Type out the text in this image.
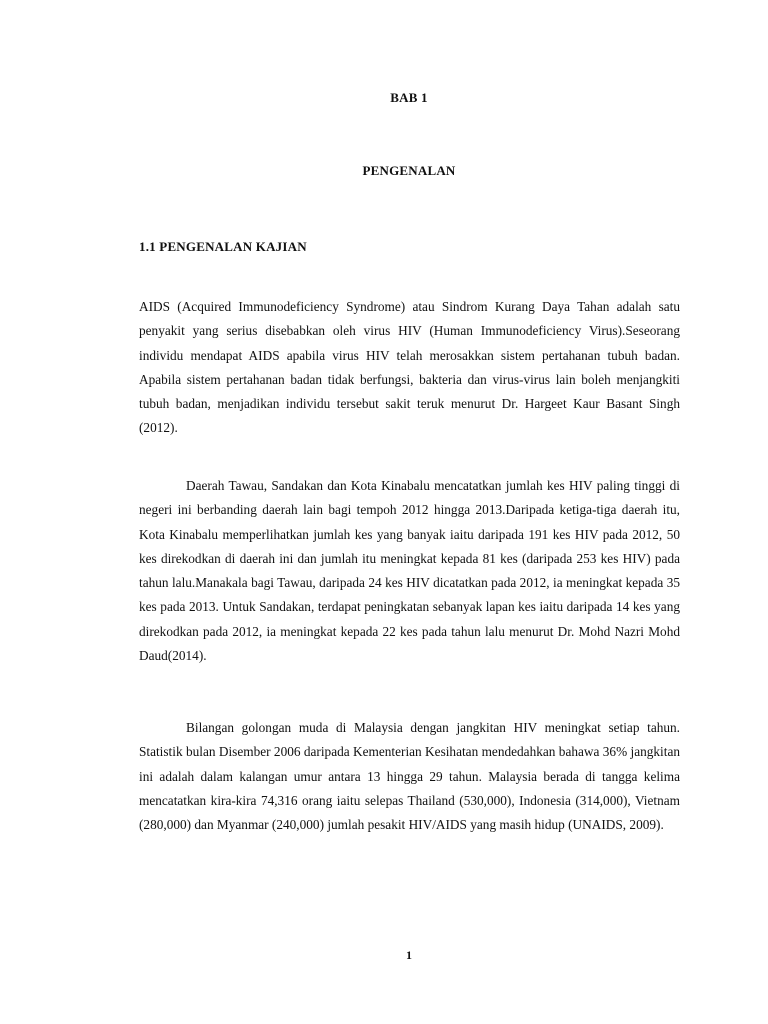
BAB 1
PENGENALAN
1.1 PENGENALAN KAJIAN

AIDS (Acquired Immunodeficiency Syndrome) atau Sindrom Kurang Daya Tahan adalah satu penyakit yang serius disebabkan oleh virus HIV (Human Immunodeficiency Virus).Seseorang individu mendapat AIDS apabila virus HIV telah merosakkan sistem pertahanan tubuh badan. Apabila sistem pertahanan badan tidak berfungsi, bakteria dan virus-virus lain boleh menjangkiti tubuh badan, menjadikan individu tersebut sakit teruk menurut Dr. Hargeet Kaur Basant Singh (2012).

Daerah Tawau, Sandakan dan Kota Kinabalu mencatatkan jumlah kes HIV paling tinggi di negeri ini berbanding daerah lain bagi tempoh 2012 hingga 2013.Daripada ketiga-tiga daerah itu, Kota Kinabalu memperlihatkan jumlah kes yang banyak iaitu daripada 191 kes HIV pada 2012, 50 kes direkodkan di daerah ini dan jumlah itu meningkat kepada 81 kes (daripada 253 kes HIV) pada tahun lalu.Manakala bagi Tawau, daripada 24 kes HIV dicatatkan pada 2012, ia meningkat kepada 35 kes pada 2013. Untuk Sandakan, terdapat peningkatan sebanyak lapan kes iaitu daripada 14 kes yang direkodkan pada 2012, ia meningkat kepada 22 kes pada tahun lalu menurut Dr. Mohd Nazri Mohd Daud(2014).

Bilangan golongan muda di Malaysia dengan jangkitan HIV meningkat setiap tahun. Statistik bulan Disember 2006 daripada Kementerian Kesihatan mendedahkan bahawa 36% jangkitan ini adalah dalam kalangan umur antara 13 hingga 29 tahun. Malaysia berada di tangga kelima mencatatkan kira-kira 74,316 orang iaitu selepas Thailand (530,000), Indonesia (314,000), Vietnam (280,000) dan Myanmar (240,000) jumlah pesakit HIV/AIDS yang masih hidup (UNAIDS, 2009).

1
